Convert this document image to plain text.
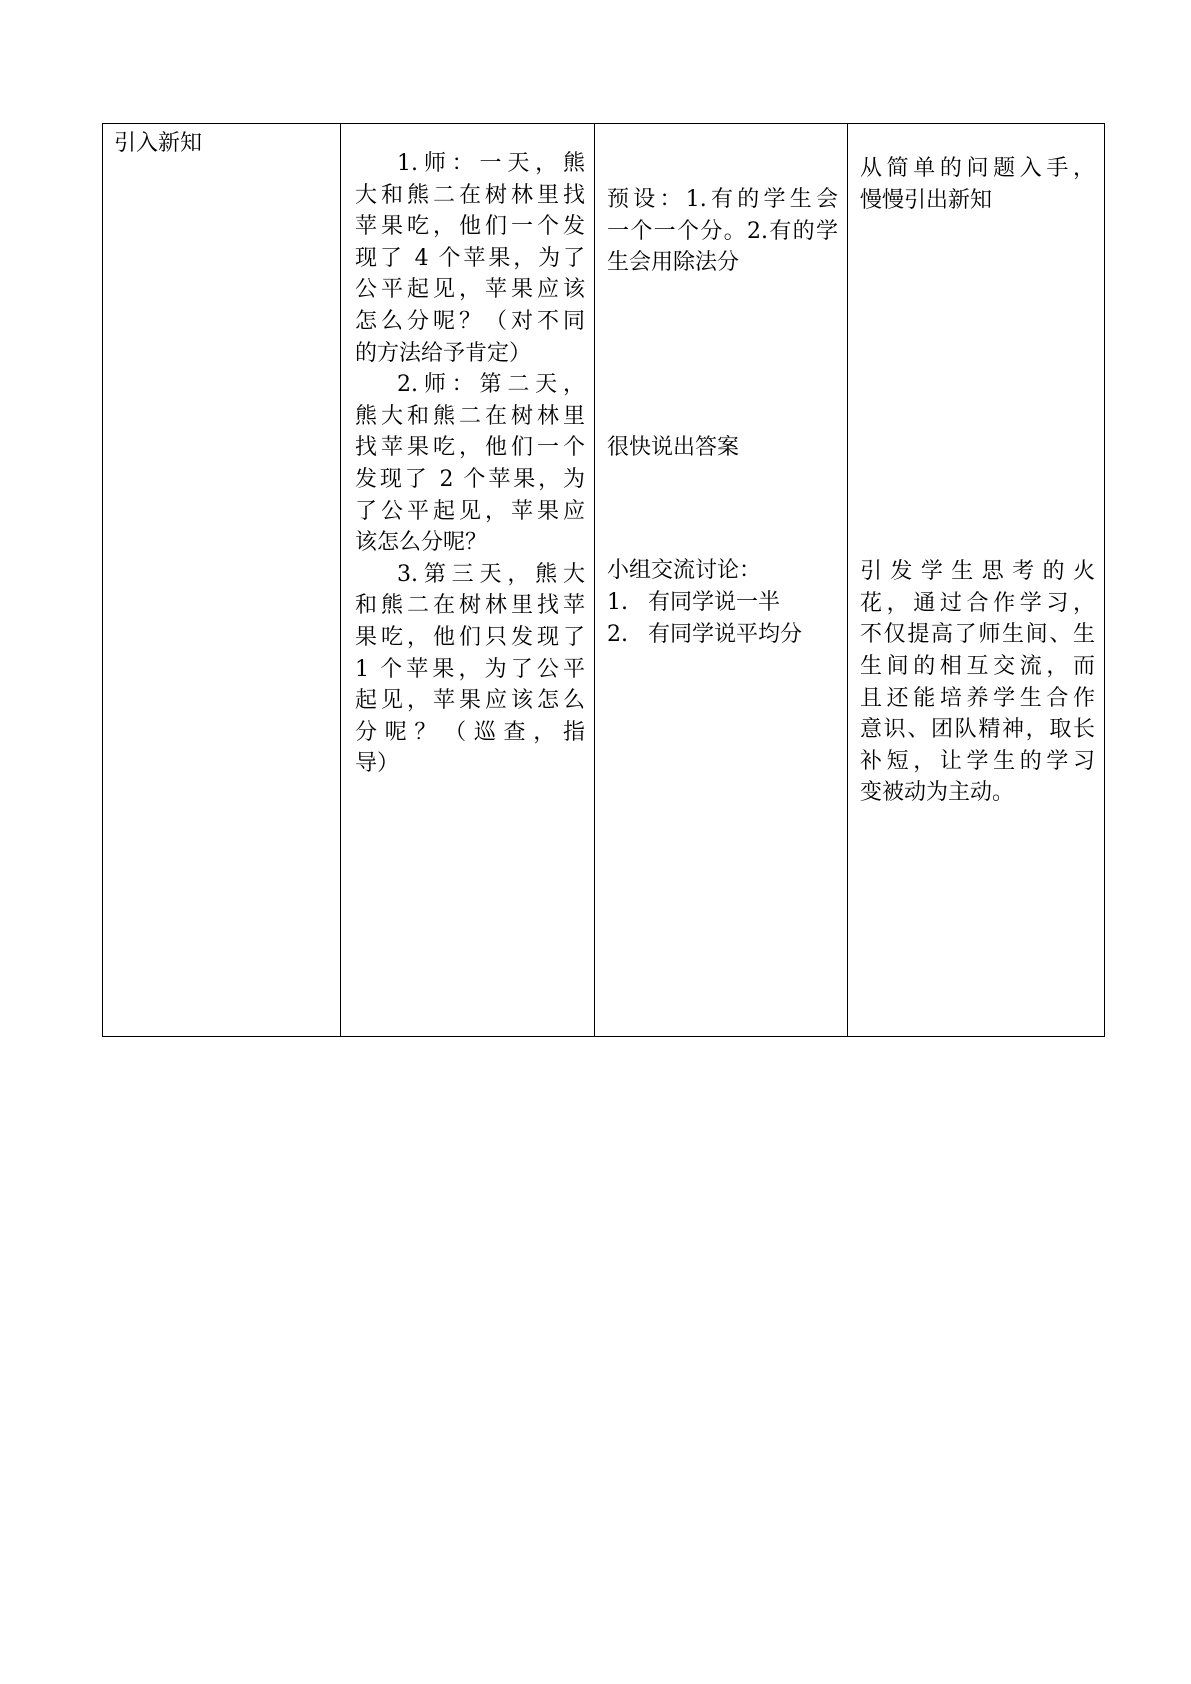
引入新知

1.师：一天，熊
大和熊二在树林里找
苹果吃，他们一个发
现了 4 个苹果，为了
公平起见，苹果应该
怎么分呢？（对不同
的方法给予肯定）
2.师：第二天，
熊大和熊二在树林里
找苹果吃，他们一个
发现了 2 个苹果，为
了公平起见，苹果应
该怎么分呢？
3.第三天，熊大
和熊二在树林里找苹
果吃，他们只发现了
1 个苹果，为了公平
起见，苹果应该怎么
分呢？（巡查，指
导）

预设：1.有的学生会
一个一个分。2.有的学
生会用除法分
很快说出答案
小组交流讨论：
1. 有同学说一半
2. 有同学说平均分

从简单的问题入手，
慢慢引出新知
引发学生思考的火
花，通过合作学习，
不仅提高了师生间、生
生间的相互交流，而
且还能培养学生合作
意识、团队精神，取长
补短，让学生的学习
变被动为主动。
